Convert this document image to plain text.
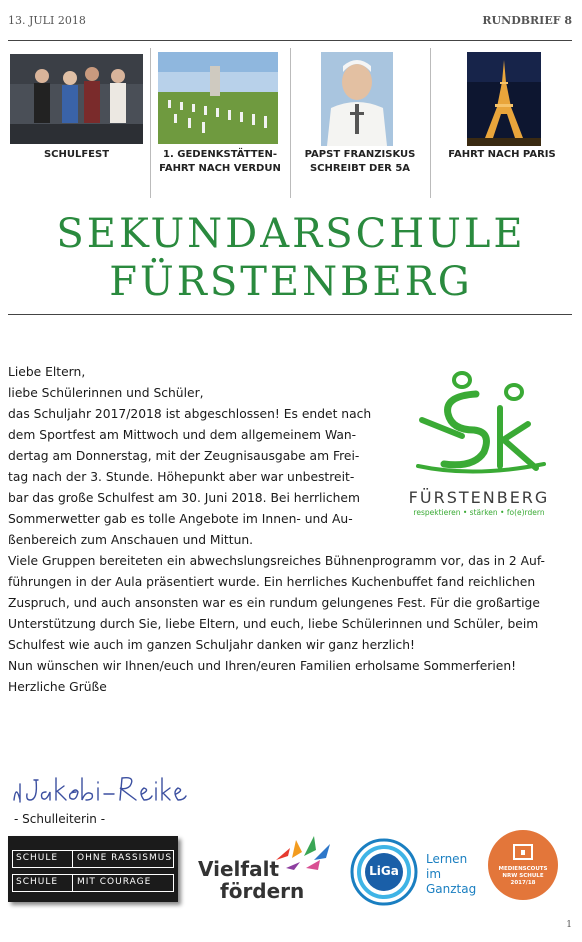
13. JULI 2018	RUNDBRIEF 8
SCHULFEST	1. GEDENKSTÄTTEN-
FAHRT NACH VERDUN
PAPST FRANZISKUS
SCHREIBT DER 5A
FAHRT NACH PARIS
SEKUNDARSCHULE
FÜRSTENBERG
FÜRSTENBERG
respektieren • stärken • fo(e)rdern

Liebe Eltern,

liebe Schülerinnen und Schüler,

das Schuljahr 2017/2018 ist abgeschlossen! Es endet nach

dem Sportfest am Mittwoch und dem allgemeinem Wan-

dertag am Donnerstag, mit der Zeugnisausgabe am Frei-

tag nach der 3. Stunde. Höhepunkt aber war unbestreit-

bar das große Schulfest am 30. Juni 2018. Bei herrlichem

Sommerwetter gab es tolle Angebote im Innen- und Au-

ßenbereich zum Anschauen und Mittun.

Viele Gruppen bereiteten ein abwechslungsreiches Bühnenprogramm vor, das in 2 Auf-

führungen in der Aula präsentiert wurde. Ein herrliches Kuchenbuffet fand reichlichen

Zuspruch, und auch ansonsten war es ein rundum gelungenes Fest. Für die großartige

Unterstützung durch Sie, liebe Eltern, und euch, liebe Schülerinnen und Schüler, beim

Schulfest wie auch im ganzen Schuljahr danken wir ganz herzlich!

Nun wünschen wir Ihnen/euch und Ihren/euren Familien erholsame Sommerferien!

Herzliche Grüße

- Schulleiterin -
SCHULE	OHNE RASSISMUS
SCHULE	MIT COURAGE
Vielfalt
fördern
LiGa
Lernen
im
Ganztag
MEDIENSCOUTS
NRW SCHULE
2017/18
1
